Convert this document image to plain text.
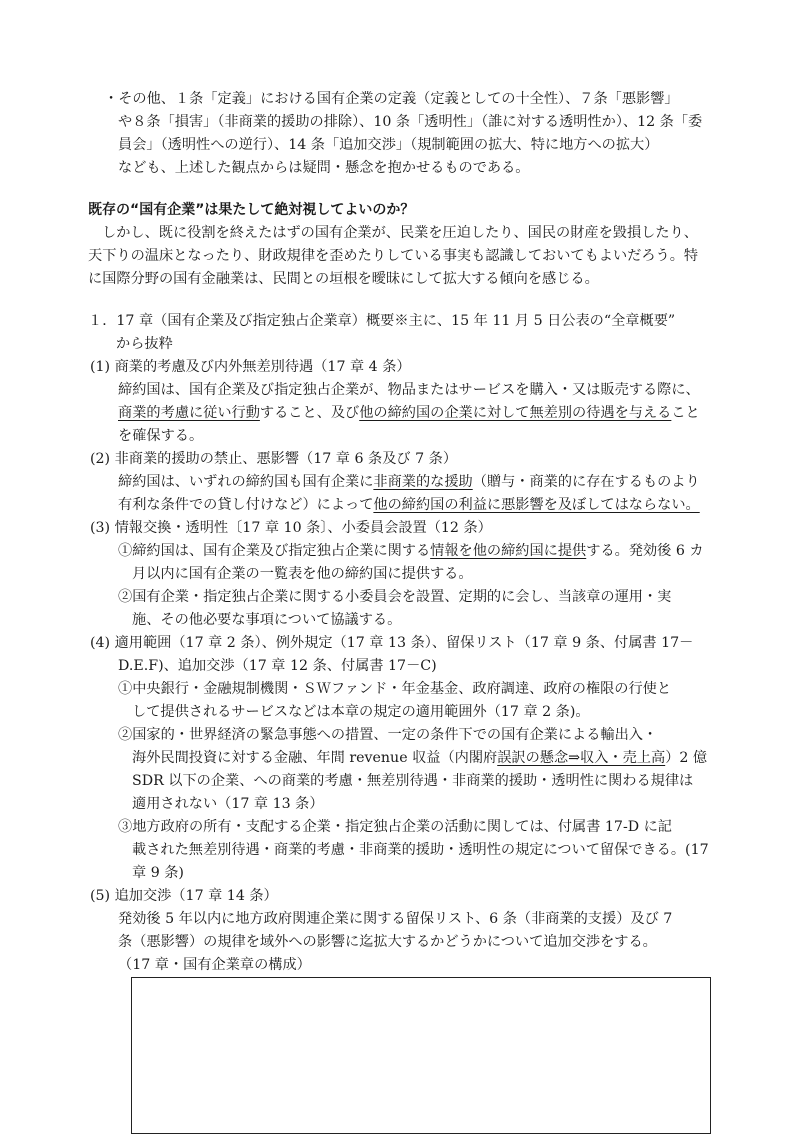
・その他、１条「定義」における国有企業の定義（定義としての十全性）、７条「悪影響」
や８条「損害」（非商業的援助の排除）、10 条「透明性」（誰に対する透明性か）、12 条「委
員会」（透明性への逆行）、14 条「追加交渉」（規制範囲の拡大、特に地方への拡大）
なども、上述した観点からは疑問・懸念を抱かせるものである。
既存の“国有企業”は果たして絶対視してよいのか？
しかし、既に役割を終えたはずの国有企業が、民業を圧迫したり、国民の財産を毀損したり、
天下りの温床となったり、財政規律を歪めたりしている事実も認識しておいてもよいだろう。特
に国際分野の国有金融業は、民間との垣根を曖昧にして拡大する傾向を感じる。
１．17 章（国有企業及び指定独占企業章）概要※主に、15 年 11 月 5 日公表の“全章概要”
から抜粋
(1) 商業的考慮及び内外無差別待遇（17 章 4 条）
締約国は、国有企業及び指定独占企業が、物品またはサービスを購入・又は販売する際に、
商業的考慮に従い行動すること、及び他の締約国の企業に対して無差別の待遇を与えること
を確保する。
(2) 非商業的援助の禁止、悪影響（17 章 6 条及び 7 条）
締約国は、いずれの締約国も国有企業に非商業的な援助（贈与・商業的に存在するものより
有利な条件での貸し付けなど）によって他の締約国の利益に悪影響を及ぼしてはならない。
(3) 情報交換・透明性〔17 章 10 条〕、小委員会設置（12 条）
①締約国は、国有企業及び指定独占企業に関する情報を他の締約国に提供する。発効後 6 カ
月以内に国有企業の一覧表を他の締約国に提供する。
②国有企業・指定独占企業に関する小委員会を設置、定期的に会し、当該章の運用・実
施、その他必要な事項について協議する。
(4) 適用範囲（17 章 2 条）、例外規定（17 章 13 条）、留保リスト（17 章 9 条、付属書 17－
D.E.F)、追加交渉（17 章 12 条、付属書 17－C)
①中央銀行・金融規制機関・ＳＷファンド・年金基金、政府調達、政府の権限の行使と
して提供されるサービスなどは本章の規定の適用範囲外（17 章 2 条)。
②国家的・世界経済の緊急事態への措置、一定の条件下での国有企業による輸出入・
海外民間投資に対する金融、年間 revenue 収益（内閣府誤訳の懸念⇒収入・売上高）2 億
SDR 以下の企業、への商業的考慮・無差別待遇・非商業的援助・透明性に関わる規律は
適用されない（17 章 13 条）
③地方政府の所有・支配する企業・指定独占企業の活動に関しては、付属書 17-D に記
載された無差別待遇・商業的考慮・非商業的援助・透明性の規定について留保できる。(17
章 9 条)
(5) 追加交渉（17 章 14 条）
発効後 5 年以内に地方政府関連企業に関する留保リスト、6 条（非商業的支援）及び 7
条（悪影響）の規律を域外への影響に迄拡大するかどうかについて追加交渉をする。
（17 章・国有企業章の構成）
